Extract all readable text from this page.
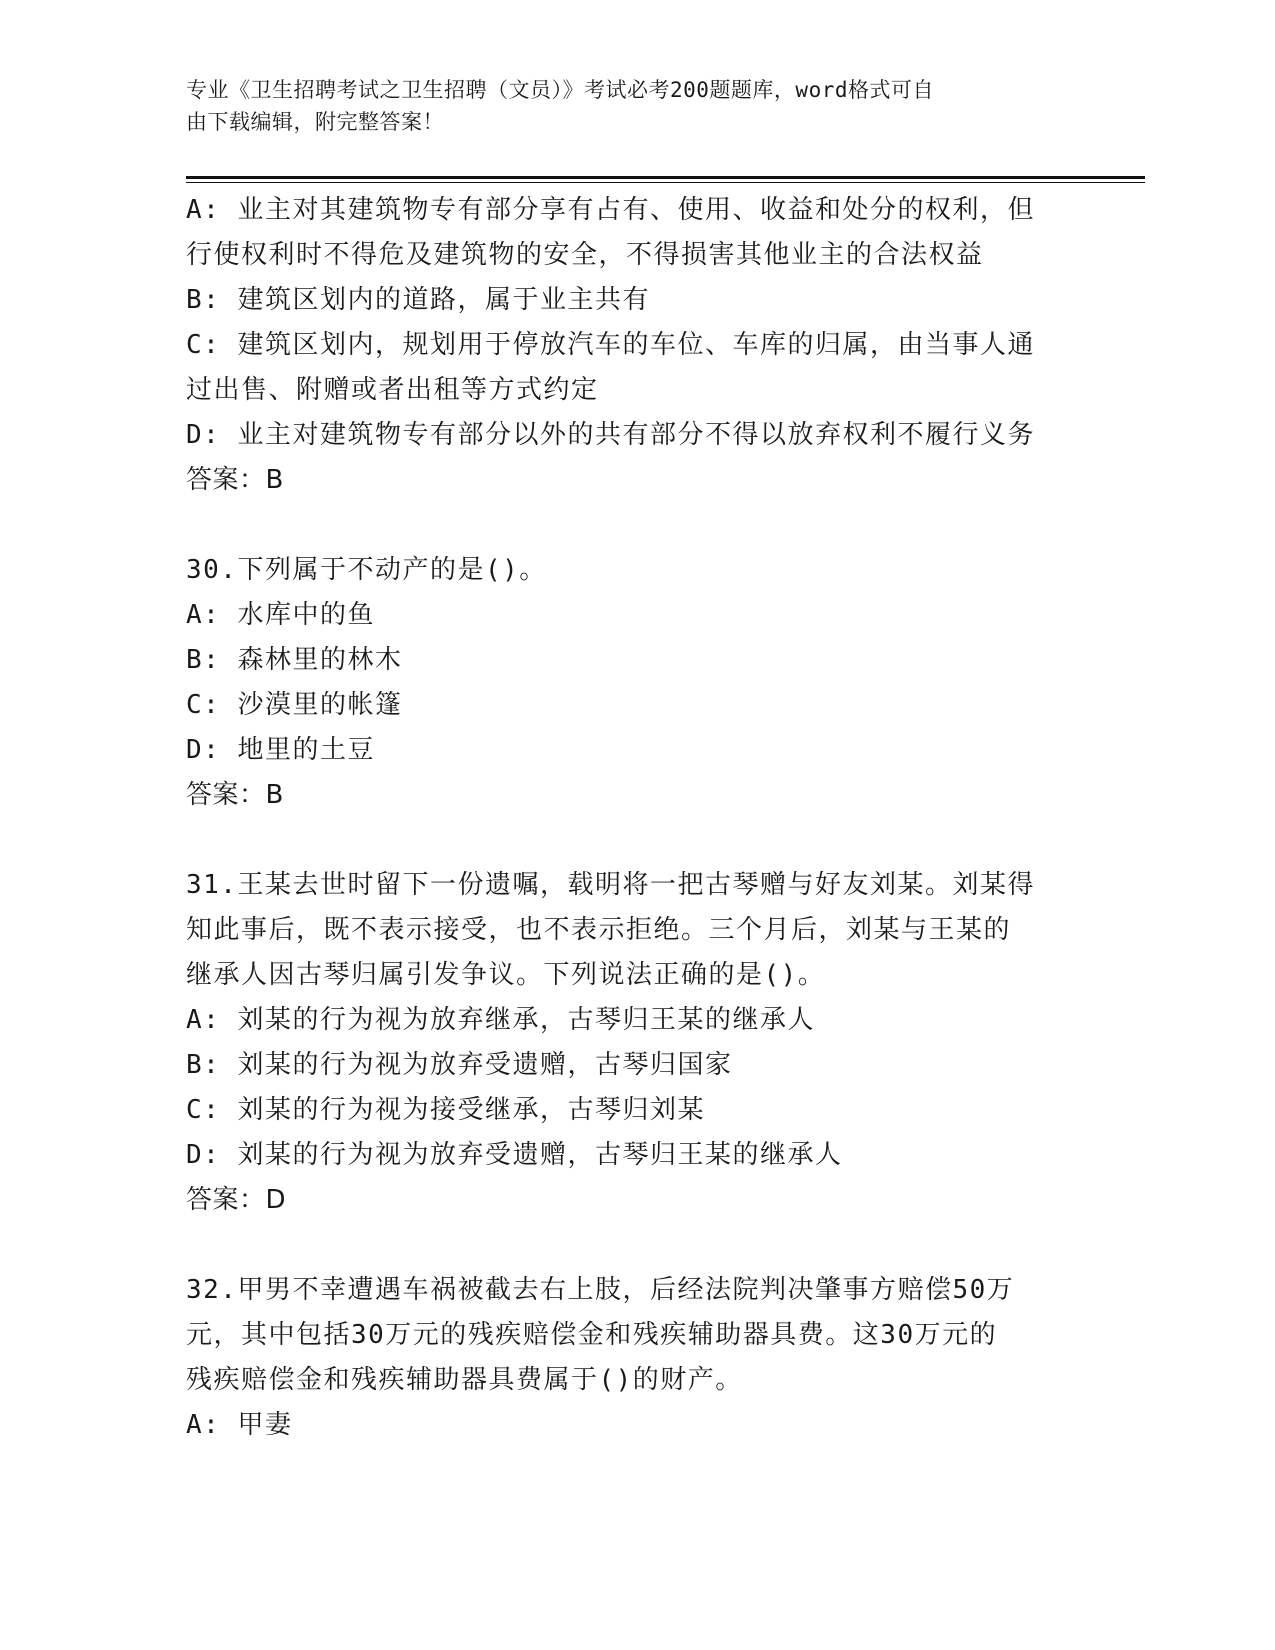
专业《卫生招聘考试之卫生招聘（文员）》考试必考200题题库，word格式可自
由下载编辑，附完整答案！
A: 业主对其建筑物专有部分享有占有、使用、收益和处分的权利，但
行使权利时不得危及建筑物的安全，不得损害其他业主的合法权益
B: 建筑区划内的道路，属于业主共有
C: 建筑区划内，规划用于停放汽车的车位、车库的归属，由当事人通
过出售、附赠或者出租等方式约定
D: 业主对建筑物专有部分以外的共有部分不得以放弃权利不履行义务
答案：B
30.下列属于不动产的是()。
A: 水库中的鱼
B: 森林里的林木
C: 沙漠里的帐篷
D: 地里的土豆
答案：B
31.王某去世时留下一份遗嘱，载明将一把古琴赠与好友刘某。刘某得
知此事后，既不表示接受，也不表示拒绝。三个月后，刘某与王某的
继承人因古琴归属引发争议。下列说法正确的是()。
A: 刘某的行为视为放弃继承，古琴归王某的继承人
B: 刘某的行为视为放弃受遗赠，古琴归国家
C: 刘某的行为视为接受继承，古琴归刘某
D: 刘某的行为视为放弃受遗赠，古琴归王某的继承人
答案：D
32.甲男不幸遭遇车祸被截去右上肢，后经法院判决肇事方赔偿50万
元，其中包括30万元的残疾赔偿金和残疾辅助器具费。这30万元的
残疾赔偿金和残疾辅助器具费属于()的财产。
A: 甲妻
